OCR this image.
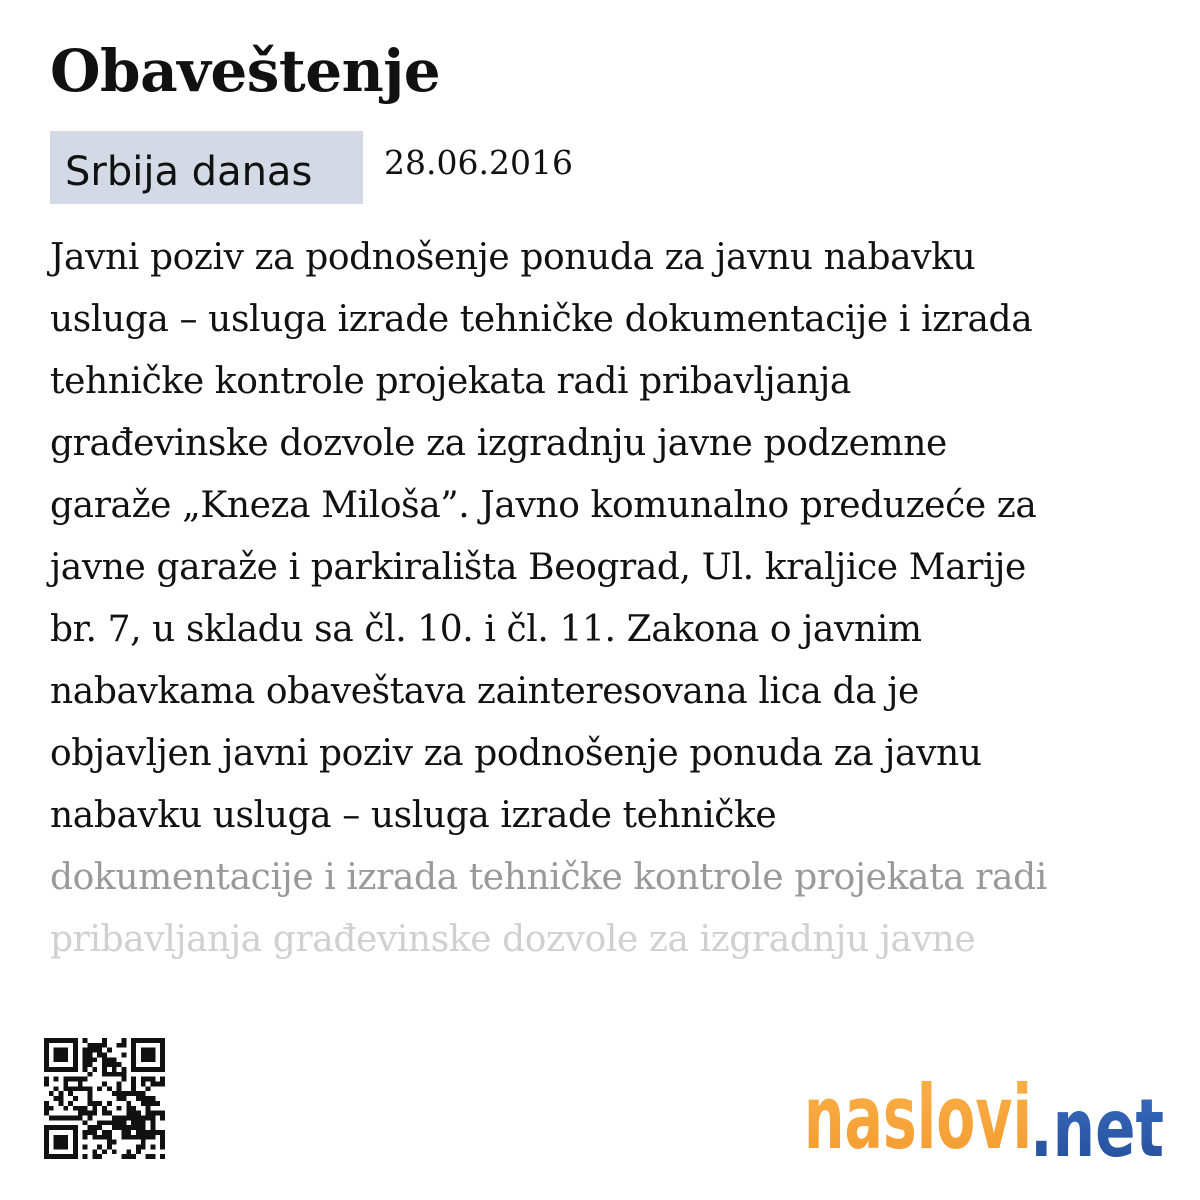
Obaveštenje
Srbija danas	28.06.2016
Javni poziv za podnošenje ponuda za javnu nabavku
usluga – usluga izrade tehničke dokumentacije i izrada
tehničke kontrole projekata radi pribavljanja
građevinske dozvole za izgradnju javne podzemne
garaže „Kneza Miloša”. Javno komunalno preduzeće za
javne garaže i parkirališta Beograd, Ul. kraljice Marije
br. 7, u skladu sa čl. 10. i čl. 11. Zakona o javnim
nabavkama obaveštava zainteresovana lica da je
objavljen javni poziv za podnošenje ponuda za javnu
nabavku usluga – usluga izrade tehničke
dokumentacije i izrada tehničke kontrole projekata radi
pribavljanja građevinske dozvole za izgradnju javne
naslovi
.net
